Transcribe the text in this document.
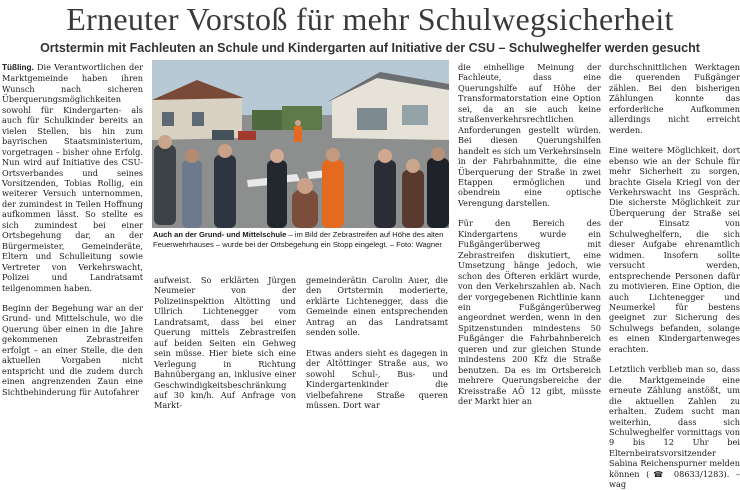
Erneuter Vorstoß für mehr Schulwegsicherheit
Ortstermin mit Fachleuten an Schule und Kindergarten auf Initiative der CSU – Schulweghelfer werden gesucht

Tüßling. Die Verantwortlichen der Marktgemeinde haben ihren Wunsch nach sicheren Überquerungsmöglichkeiten sowohl für Kindergarten- als auch für Schulkinder bereits an vielen Stellen, bis hin zum bayrischen Staatsministerium, vorgetragen – bisher ohne Erfolg. Nun wird auf Initiative des CSU-Ortsverbandes und seines Vorsitzenden, Tobias Rollig, ein weiterer Versuch unternommen, der zumindest in Teilen Hoffnung aufkommen lässt. So stellte es sich zumindest bei einer Ortsbegehung dar, an der Bürgermeister, Gemeinderäte, Eltern und Schulleitung sowie Vertreter von Verkehrswacht, Polizei und Landratsamt teilgenommen haben.

Beginn der Begehung war an der Grund- und Mittelschule, wo die Querung über einen in die Jahre gekommenen Zebrastreifen erfolgt – an einer Stelle, die den aktuellen Vorgaben nicht entspricht und die zudem durch einen angrenzenden Zaun eine Sichtbehinderung für Autofahrer

Auch an der Grund- und Mittelschule – im Bild der Zebrastreifen auf Höhe des alten Feuerwehrhauses – wurde bei der Ortsbegehung ein Stopp eingelegt. – Foto: Wagner

aufweist. So erklärten Jürgen Neumeier von der Polizeiinspektion Altötting und Ullrich Lichtenegger vom Landratsamt, dass bei einer Querung mittels Zebrastreifen auf beiden Seiten ein Gehweg sein müsse. Hier biete sich eine Verlegung in Richtung Bahnübergang an, inklusive einer Geschwindigkeitsbeschränkung auf 30 km/h. Auf Anfrage von Markt-

gemeinderätin Carolin Auer, die den Ortstermin moderierte, erklärte Lichtenegger, dass die Gemeinde einen entsprechenden Antrag an das Landratsamt senden solle.

Etwas anders sieht es dagegen in der Altöttinger Straße aus, wo sowohl Schul-, Bus- und Kindergartenkinder die vielbefahrene Straße queren müssen. Dort war

die einhellige Meinung der Fachleute, dass eine Querungshilfe auf Höhe der Transformatorstation eine Option sei, da an sie auch keine straßenverkehrsrechtlichen Anforderungen gestellt würden. Bei diesen Querungshilfen handelt es sich um Verkehrsinseln in der Fahrbahnmitte, die eine Überquerung der Straße in zwei Etappen ermöglichen und obendrein eine optische Verengung darstellen.

Für den Bereich des Kindergartens wurde ein Fußgängerüberweg mit Zebrastreifen diskutiert, eine Umsetzung hänge jedoch, wie schon des Öfteren erklärt wurde, von den Verkehrszahlen ab. Nach der vorgegebenen Richtlinie kann ein Fußgängerüberweg angeordnet werden, wenn in den Spitzenstunden mindestens 50 Fußgänger die Fahrbahnbereich queren und zur gleichen Stunde mindestens 200 Kfz die Straße benutzen. Da es im Ortsbereich mehrere Querungsbereiche der Kreisstraße AÖ 12 gibt, müsste der Markt hier an

durchschnittlichen Werktagen die querenden Fußgänger zählen. Bei den bisherigen Zählungen konnte das erforderliche Aufkommen allerdings nicht erreicht werden.

Eine weitere Möglichkeit, dort ebenso wie an der Schule für mehr Sicherheit zu sorgen, brachte Gisela Kriegl von der Verkehrswacht ins Gespräch. Die sicherste Möglichkeit zur Überquerung der Straße sei der Einsatz von Schulweghelfern, die sich dieser Aufgabe ehrenamtlich widmen. Insofern sollte versucht werden, entsprechende Personen dafür zu motivieren. Eine Option, die auch Lichtenegger und Neumerkel für bestens geeignet zur Sicherung des Schulwegs befanden, solange es einen Kindergartenweges erachten.

Letztlich verblieb man so, dass die Marktgemeinde eine erneute Zählung anstößt, um die aktuellen Zahlen zu erhalten. Zudem sucht man weiterhin, dass sich Schulweghelfer vormittags von 9 bis 12 Uhr bei Elternbeiratsvorsitzender Sabina Reichenspurner melden können (☎ 08633/1283). – wag
